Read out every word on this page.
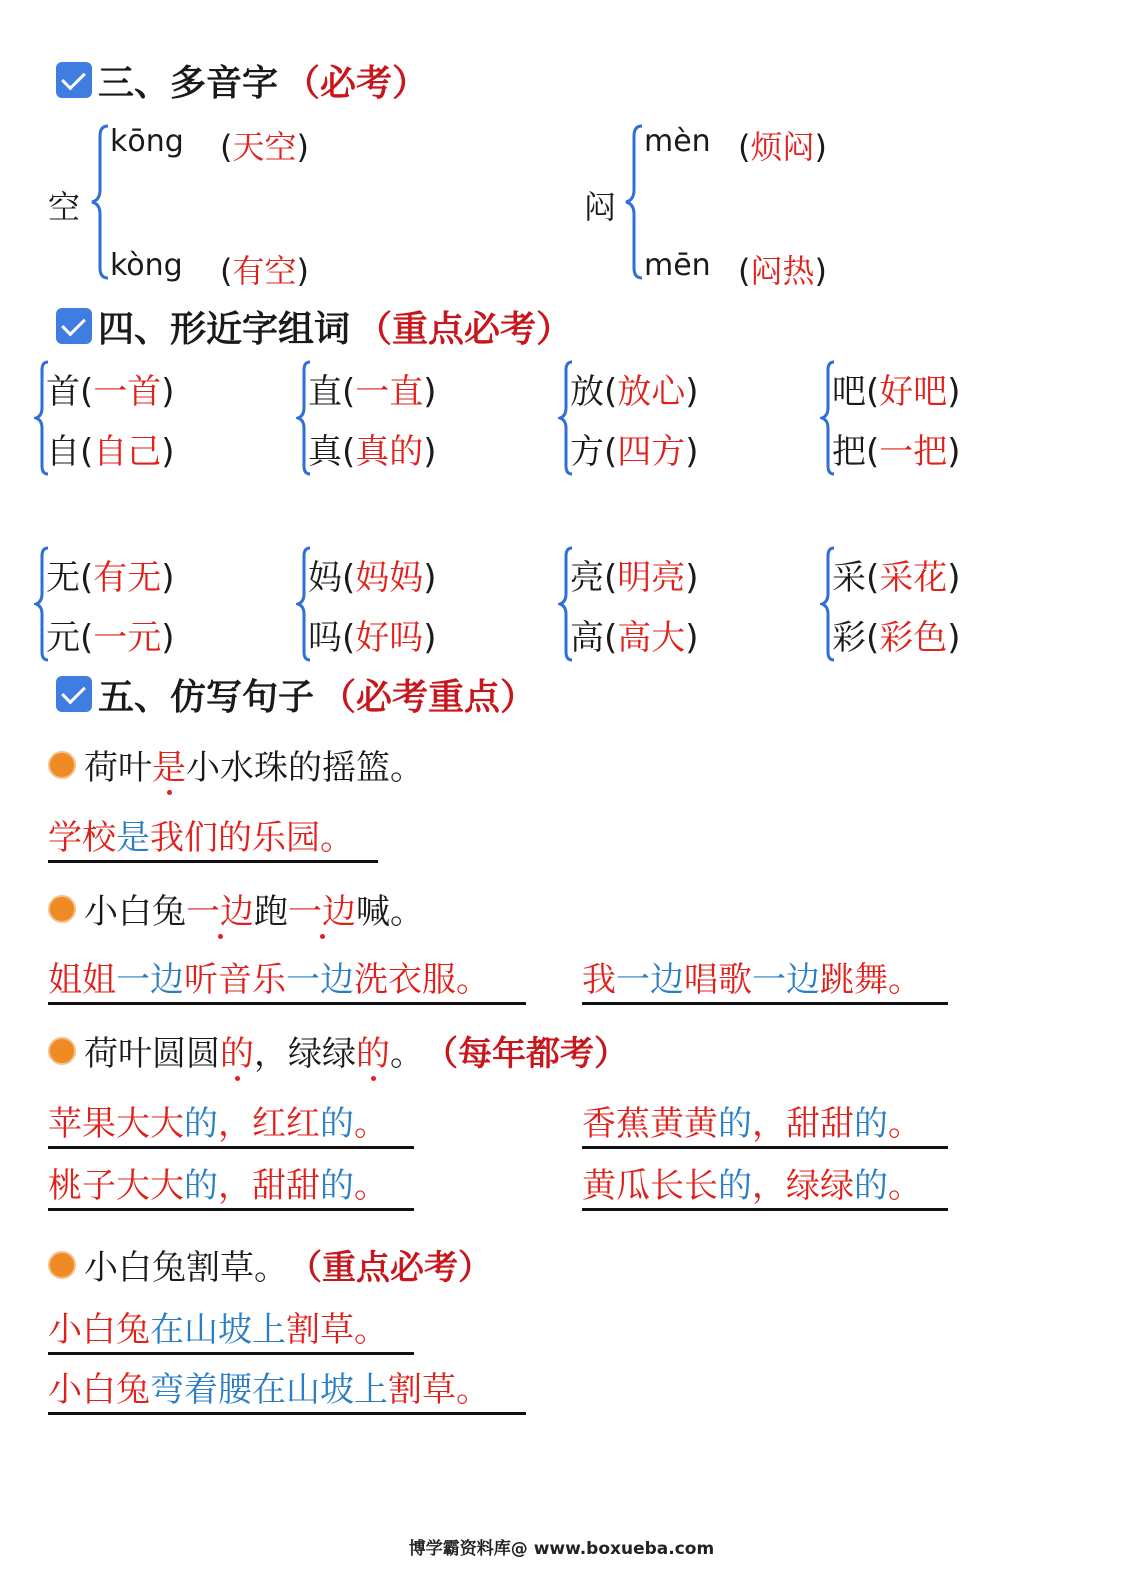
三、多音字 （必考）
空
kōng (天空)
kòng (有空)
闷
mèn (烦闷)
mēn (闷热)
四、形近字组词 （重点必考）
首(一首)
自(自己)
直(一直)
真(真的)
放(放心)
方(四方)
吧(好吧)
把(一把)
无(有无)
元(一元)
妈(妈妈)
吗(好吗)
亮(明亮)
高(高大)
采(采花)
彩(彩色)
五、仿写句子 （必考重点）
荷叶 是 小水珠的摇篮。
学校是我们的乐园。
小白兔 一边 跑 一边 喊。
姐姐一边听音乐一边洗衣服。	我一边唱歌一边跳舞。
荷叶圆圆 的 ，绿绿 的 。 （每年都考）
苹果大大的，红红的。	香蕉黄黄的，甜甜的。
桃子大大的，甜甜的。	黄瓜长长的，绿绿的。
小白兔割草。 （重点必考）
小白兔在山坡上割草。
小白兔弯着腰在山坡上割草。
博学霸资料库@ www.boxueba.com
